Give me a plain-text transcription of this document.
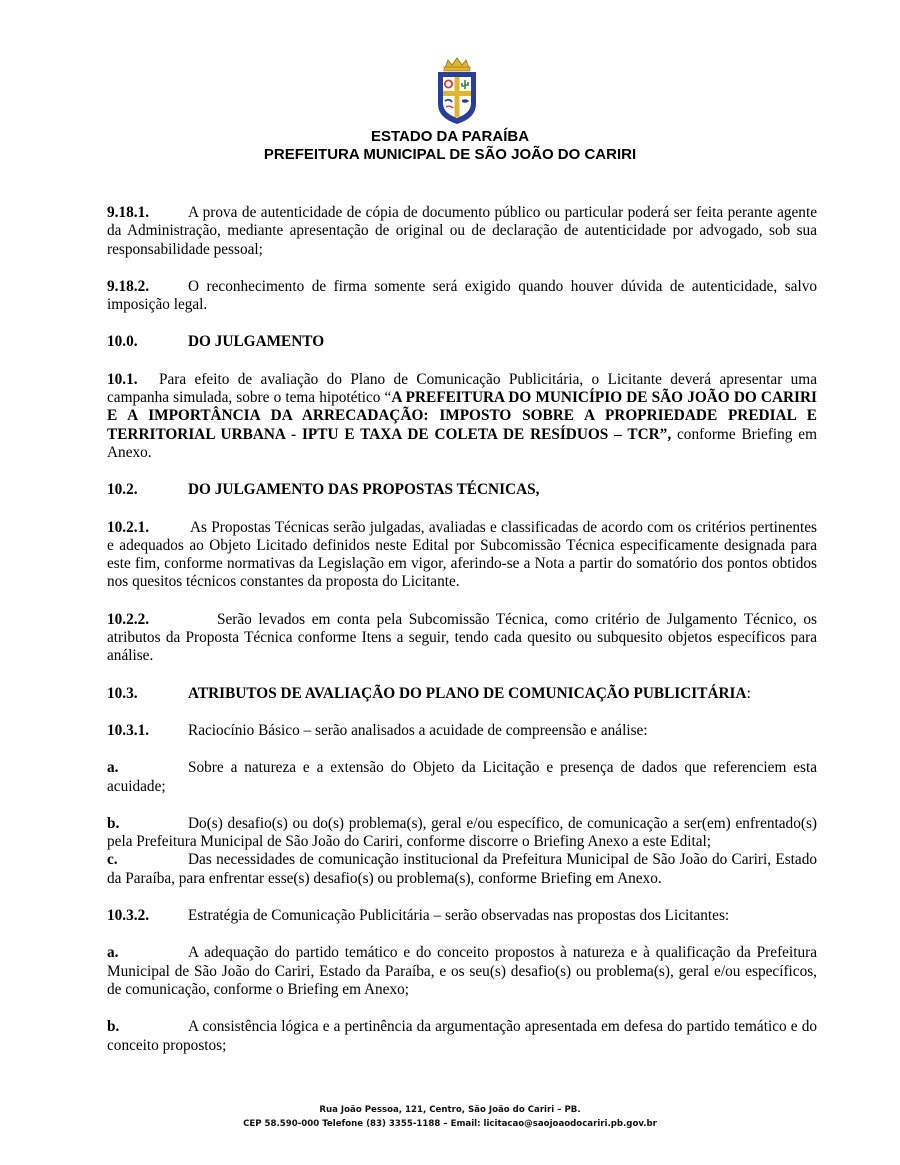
ESTADO DA PARAÍBA
PREFEITURA MUNICIPAL DE SÃO JOÃO DO CARIRI

9.18.1.	A prova de autenticidade de cópia de documento público ou particular poderá ser feita perante agente da Administração, mediante apresentação de original ou de declaração de autenticidade por advogado, sob sua responsabilidade pessoal;

9.18.2.	O reconhecimento de firma somente será exigido quando houver dúvida de autenticidade, salvo imposição legal.

10.0.	DO JULGAMENTO

10.1. Para efeito de avaliação do Plano de Comunicação Publicitária, o Licitante deverá apresentar uma campanha simulada, sobre o tema hipotético “A PREFEITURA DO MUNICÍPIO DE SÃO JOÃO DO CARIRI E A IMPORTÂNCIA DA ARRECADAÇÃO: IMPOSTO SOBRE A PROPRIEDADE PREDIAL E TERRITORIAL URBANA - IPTU E TAXA DE COLETA DE RESÍDUOS – TCR”, conforme Briefing em Anexo.

10.2.	DO JULGAMENTO DAS PROPOSTAS TÉCNICAS,

10.2.1.	As Propostas Técnicas serão julgadas, avaliadas e classificadas de acordo com os critérios pertinentes e adequados ao Objeto Licitado definidos neste Edital por Subcomissão Técnica especificamente designada para este fim, conforme normativas da Legislação em vigor, aferindo-se a Nota a partir do somatório dos pontos obtidos nos quesitos técnicos constantes da proposta do Licitante.

10.2.2.	Serão levados em conta pela Subcomissão Técnica, como critério de Julgamento Técnico, os atributos da Proposta Técnica conforme Itens a seguir, tendo cada quesito ou subquesito objetos específicos para análise.

10.3.	ATRIBUTOS DE AVALIAÇÃO DO PLANO DE COMUNICAÇÃO PUBLICITÁRIA:

10.3.1.	Raciocínio Básico – serão analisados a acuidade de compreensão e análise:

a.	Sobre a natureza e a extensão do Objeto da Licitação e presença de dados que referenciem esta acuidade;

b.	Do(s) desafio(s) ou do(s) problema(s), geral e/ou específico, de comunicação a ser(em) enfrentado(s) pela Prefeitura Municipal de São João do Cariri, conforme discorre o Briefing Anexo a este Edital;

c.	Das necessidades de comunicação institucional da Prefeitura Municipal de São João do Cariri, Estado da Paraíba, para enfrentar esse(s) desafio(s) ou problema(s), conforme Briefing em Anexo.

10.3.2.	Estratégia de Comunicação Publicitária – serão observadas nas propostas dos Licitantes:

a.	A adequação do partido temático e do conceito propostos à natureza e à qualificação da Prefeitura Municipal de São João do Cariri, Estado da Paraíba, e os seu(s) desafio(s) ou problema(s), geral e/ou específicos, de comunicação, conforme o Briefing em Anexo;

b.	A consistência lógica e a pertinência da argumentação apresentada em defesa do partido temático e do conceito propostos;

Rua João Pessoa, 121, Centro, São João do Cariri – PB.
CEP 58.590-000 Telefone (83) 3355-1188 – Email: licitacao@saojoaodocariri.pb.gov.br
